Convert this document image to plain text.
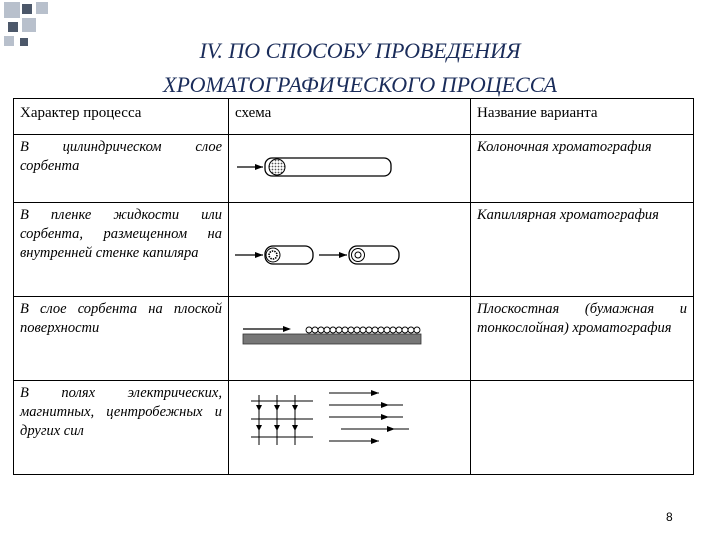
IV. ПО СПОСОБУ ПРОВЕДЕНИЯ
ХРОМАТОГРАФИЧЕСКОГО ПРОЦЕССА
Характер процесса	схема	Название варианта
В цилиндрическом слое сорбента		Колоночная хроматография
В пленке жидкости или сорбента, размещенном на внутренней стенке капиляра		Капиллярная хроматография
В слое сорбента на плоской поверхности		Плоскостная (бумажная и тонкослойная) хроматография
В полях электрических, магнитных, центробежных и других сил	

8
